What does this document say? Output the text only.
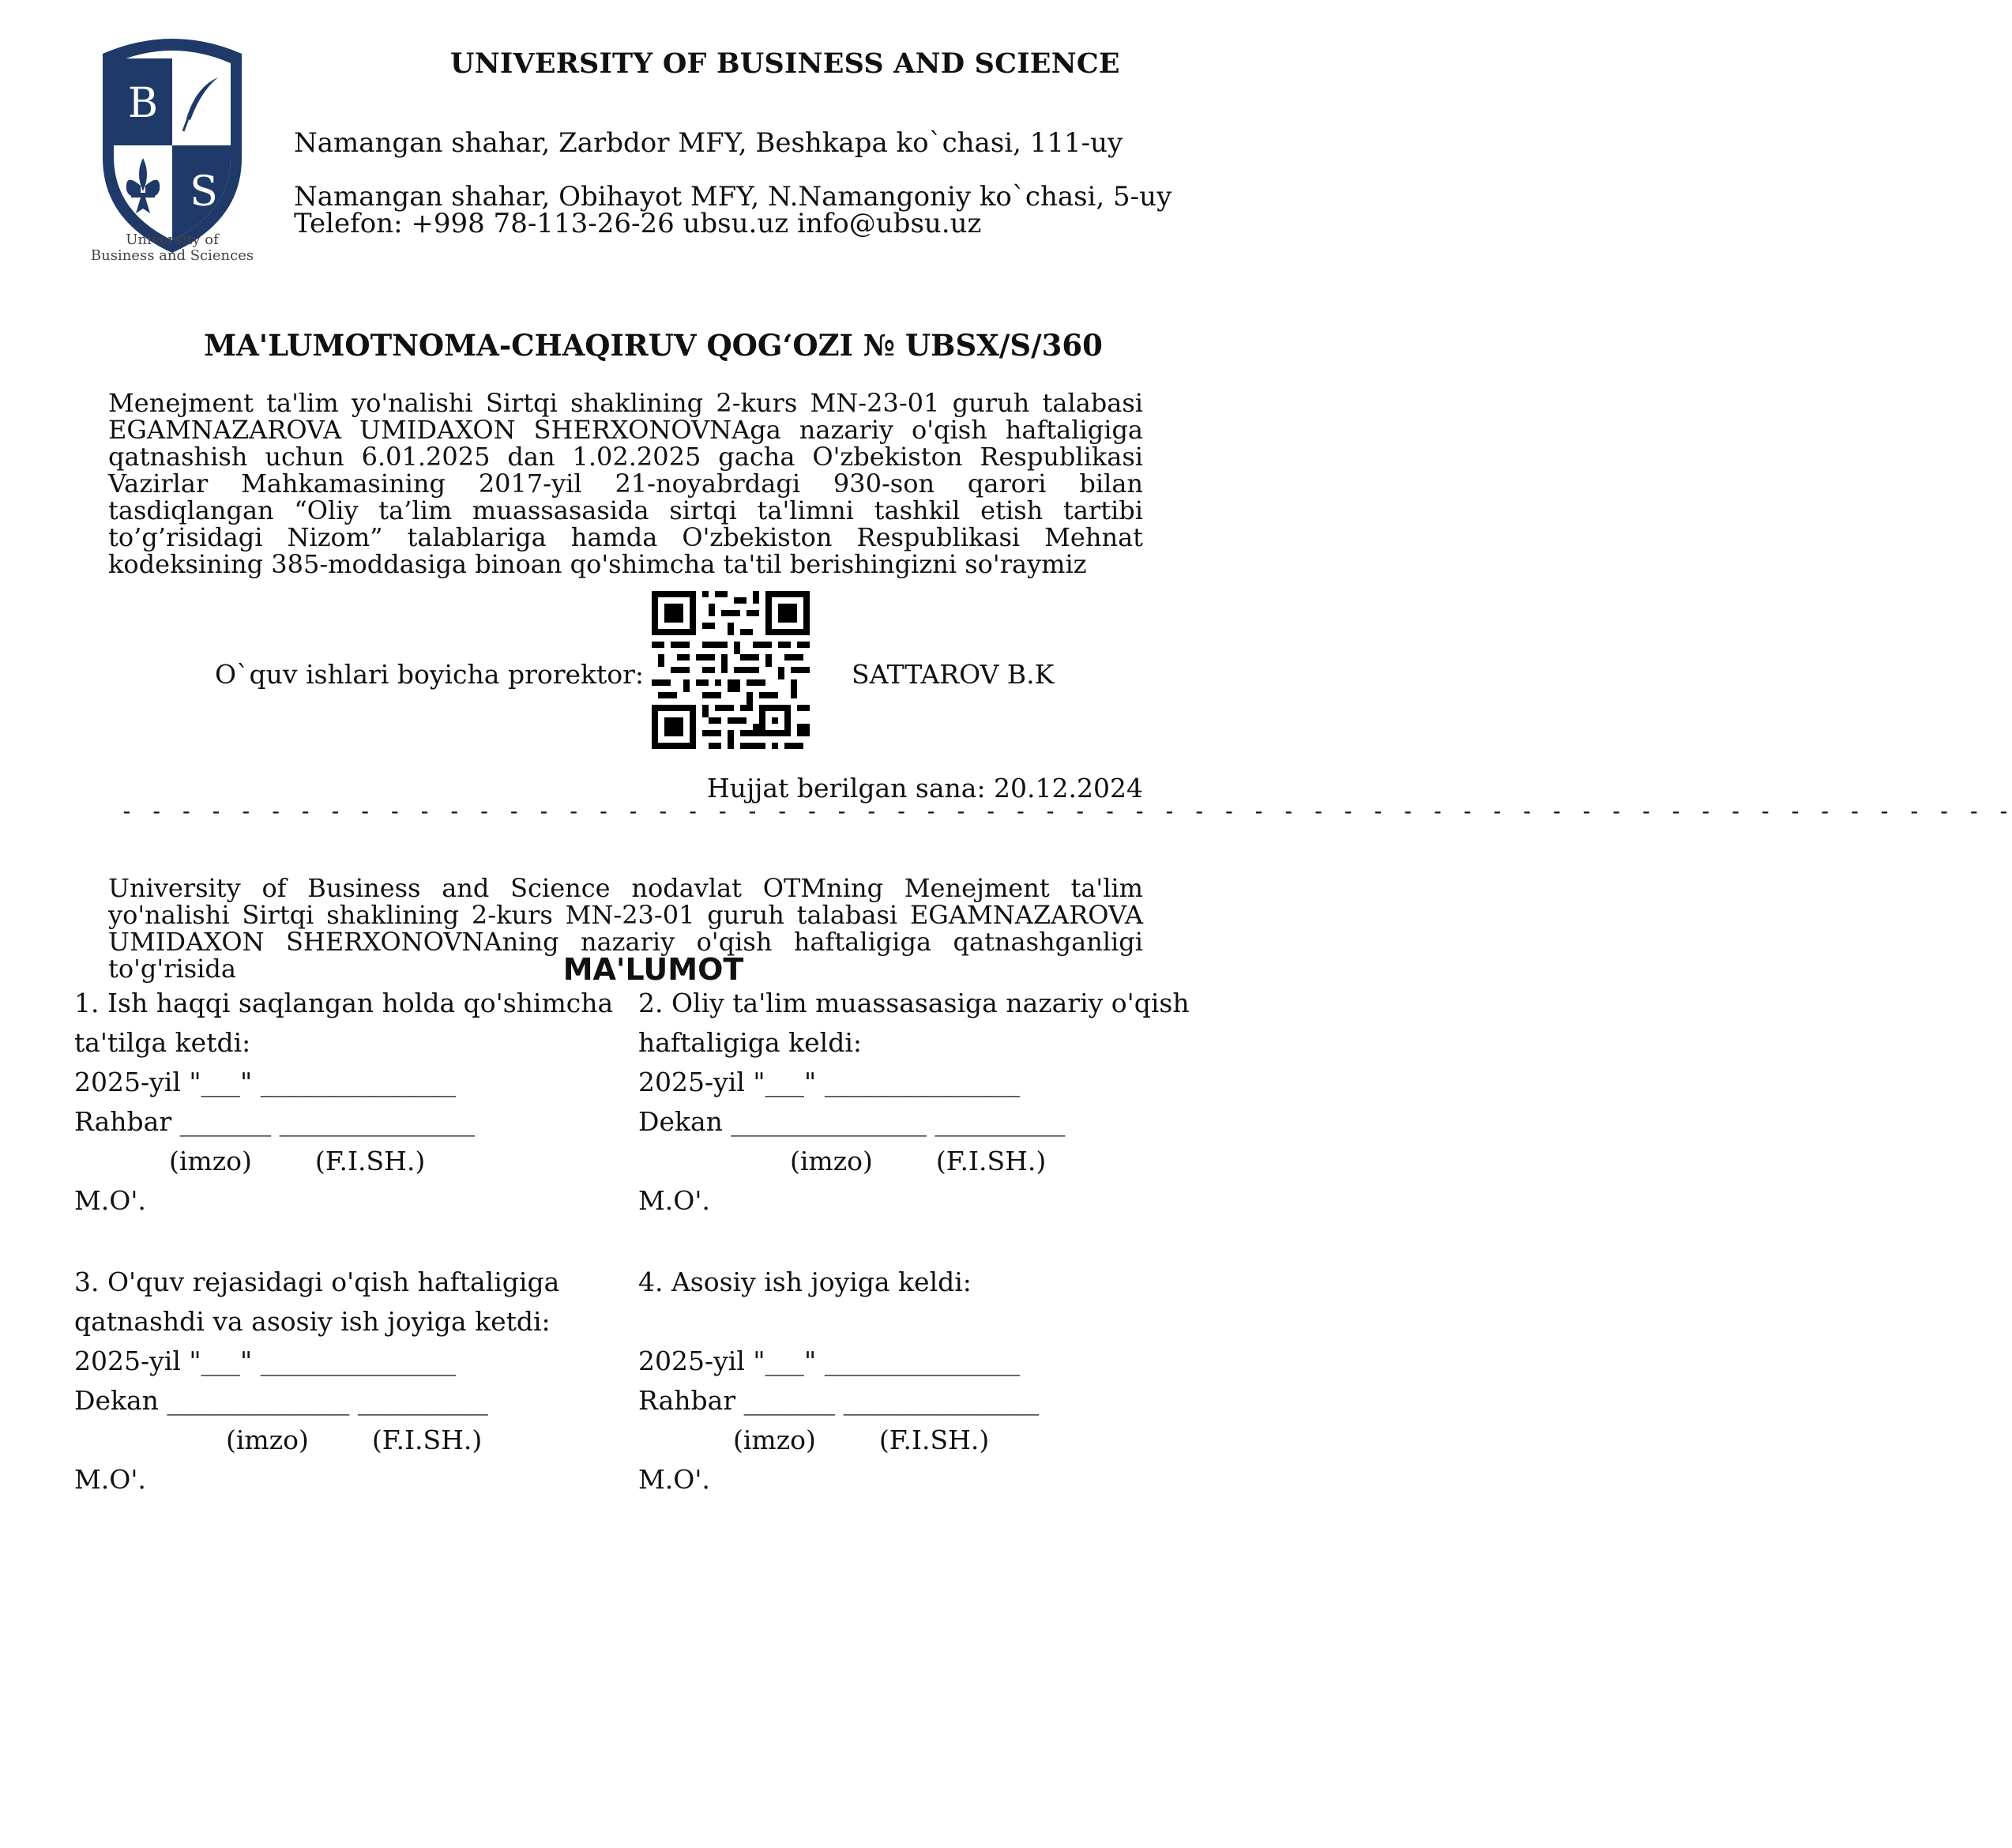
B
S
University of
Business and Sciences
UNIVERSITY OF BUSINESS AND SCIENCE
Namangan shahar, Zarbdor MFY, Beshkapa ko`chasi, 111-uy
Namangan shahar, Obihayot MFY, N.Namangoniy ko`chasi, 5-uy
Telefon: +998 78-113-26-26 ubsu.uz info@ubsu.uz
MA'LUMOTNOMA-CHAQIRUV QOG‘OZI № UBSX/S/360
Menejment ta'lim yo'nalishi Sirtqi shaklining 2-kurs MN-23-01 guruh talabasi EGAMNAZAROVA UMIDAXON SHERXONOVNAga nazariy o'qish haftaligiga qatnashish uchun 6.01.2025 dan 1.02.2025 gacha O'zbekiston Respublikasi Vazirlar Mahkamasining 2017-yil 21-noyabrdagi 930-son qarori bilan tasdiqlangan “Oliy ta’lim muassasasida sirtqi ta'limni tashkil etish tartibi to’g’risidagi Nizom” talablariga hamda O'zbekiston Respublikasi Mehnat kodeksining 385-moddasiga binoan qo'shimcha ta'til berishingizni so'raymiz
O`quv ishlari boyicha prorektor:	SATTAROV B.K
Hujjat berilgan sana: 20.12.2024
- - - - - - - - - - - - - - - - - - - - - - - - - - - - - - - - - - - - - - - - - - - - - - - - - - - - - - - - - - - - - - - -
University of Business and Science nodavlat OTMning Menejment ta'lim yo'nalishi Sirtqi shaklining 2-kurs MN-23-01 guruh talabasi EGAMNAZAROVA UMIDAXON SHERXONOVNAning nazariy o'qish haftaligiga qatnashganligi to'g'risida	MA'LUMOT
1. Ish haqqi saqlangan holda qo'shimcha
ta'tilga ketdi:
2025-yil "___" _______________
Rahbar _______ _______________
(imzo) (F.I.SH.)
M.O'.
2. Oliy ta'lim muassasasiga nazariy o'qish
haftaligiga keldi:
2025-yil "___" _______________
Dekan _______________ __________
(imzo) (F.I.SH.)
M.O'.
3. O'quv rejasidagi o'qish haftaligiga
qatnashdi va asosiy ish joyiga ketdi:
2025-yil "___" _______________
Dekan ______________ __________
(imzo) (F.I.SH.)
M.O'.
4. Asosiy ish joyiga keldi:
2025-yil "___" _______________
Rahbar _______ _______________
(imzo) (F.I.SH.)
M.O'.
